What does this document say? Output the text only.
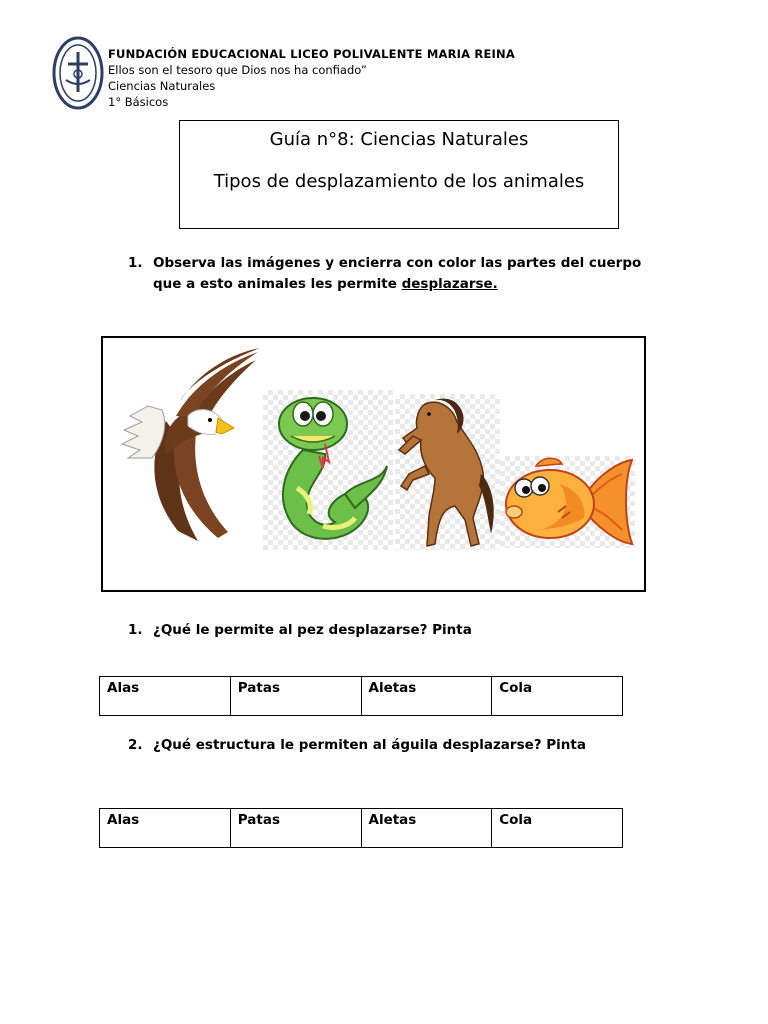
FUNDACIÓN EDUCACIONAL LICEO POLIVALENTE MARIA REINA
Ellos son el tesoro que Dios nos ha confiado”
Ciencias Naturales
1° Básicos
Guía n°8: Ciencias Naturales
Tipos de desplazamiento de los animales
1. Observa las imágenes y encierra con color las partes del cuerpo
que a esto animales les permite desplazarse.
1. ¿Qué le permite al pez desplazarse? Pinta
Alas	Patas	Aletas	Cola
2. ¿Qué estructura le permiten al águila desplazarse? Pinta
Alas	Patas	Aletas	Cola
